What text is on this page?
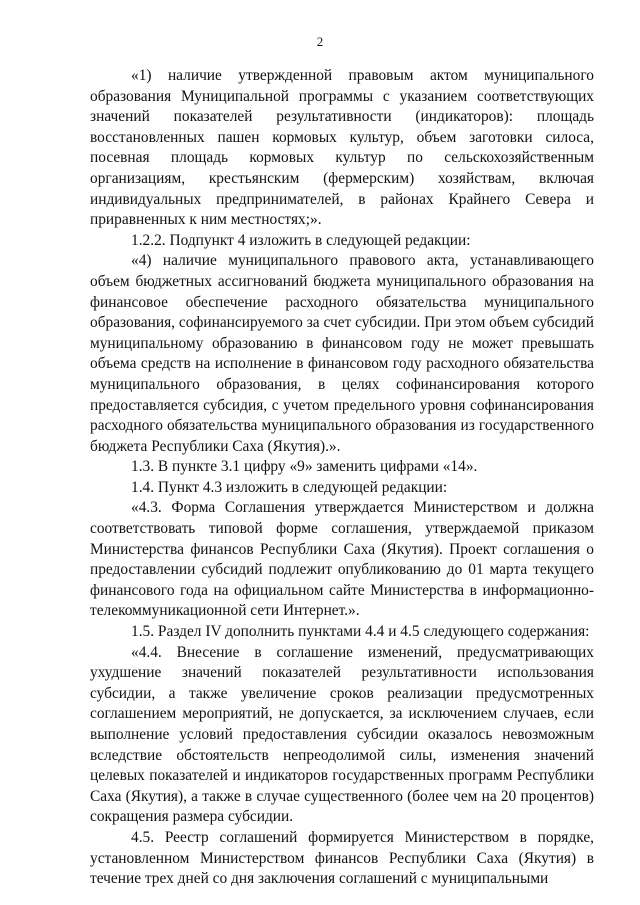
2

«1) наличие утвержденной правовым актом муниципального образования Муниципальной программы с указанием соответствующих значений показателей результативности (индикаторов): площадь восстановленных пашен кормовых культур, объем заготовки силоса, посевная площадь кормовых культур по сельскохозяйственным организациям, крестьянским (фермерским) хозяйствам, включая индивидуальных предпринимателей, в районах Крайнего Севера и приравненных к ним местностях;».

1.2.2. Подпункт 4 изложить в следующей редакции:

«4) наличие муниципального правового акта, устанавливающего объем бюджетных ассигнований бюджета муниципального образования на финансовое обеспечение расходного обязательства муниципального образования, софинансируемого за счет субсидии. При этом объем субсидий муниципальному образованию в финансовом году не может превышать объема средств на исполнение в финансовом году расходного обязательства муниципального образования, в целях софинансирования которого предоставляется субсидия, с учетом предельного уровня софинансирования расходного обязательства муниципального образования из государственного бюджета Республики Саха (Якутия).».

1.3. В пункте 3.1 цифру «9» заменить цифрами «14».

1.4. Пункт 4.3 изложить в следующей редакции:

«4.3. Форма Соглашения утверждается Министерством и должна соответствовать типовой форме соглашения, утверждаемой приказом Министерства финансов Республики Саха (Якутия). Проект соглашения о предоставлении субсидий подлежит опубликованию до 01 марта текущего финансового года на официальном сайте Министерства в информационно-телекоммуникационной сети Интернет.».

1.5. Раздел IV дополнить пунктами 4.4 и 4.5 следующего содержания:

«4.4. Внесение в соглашение изменений, предусматривающих ухудшение значений показателей результативности использования субсидии, а также увеличение сроков реализации предусмотренных соглашением мероприятий, не допускается, за исключением случаев, если выполнение условий предоставления субсидии оказалось невозможным вследствие обстоятельств непреодолимой силы, изменения значений целевых показателей и индикаторов государственных программ Республики Саха (Якутия), а также в случае существенного (более чем на 20 процентов) сокращения размера субсидии.

4.5. Реестр соглашений формируется Министерством в порядке, установленном Министерством финансов Республики Саха (Якутия) в течение трех дней со дня заключения соглашений с муниципальными
